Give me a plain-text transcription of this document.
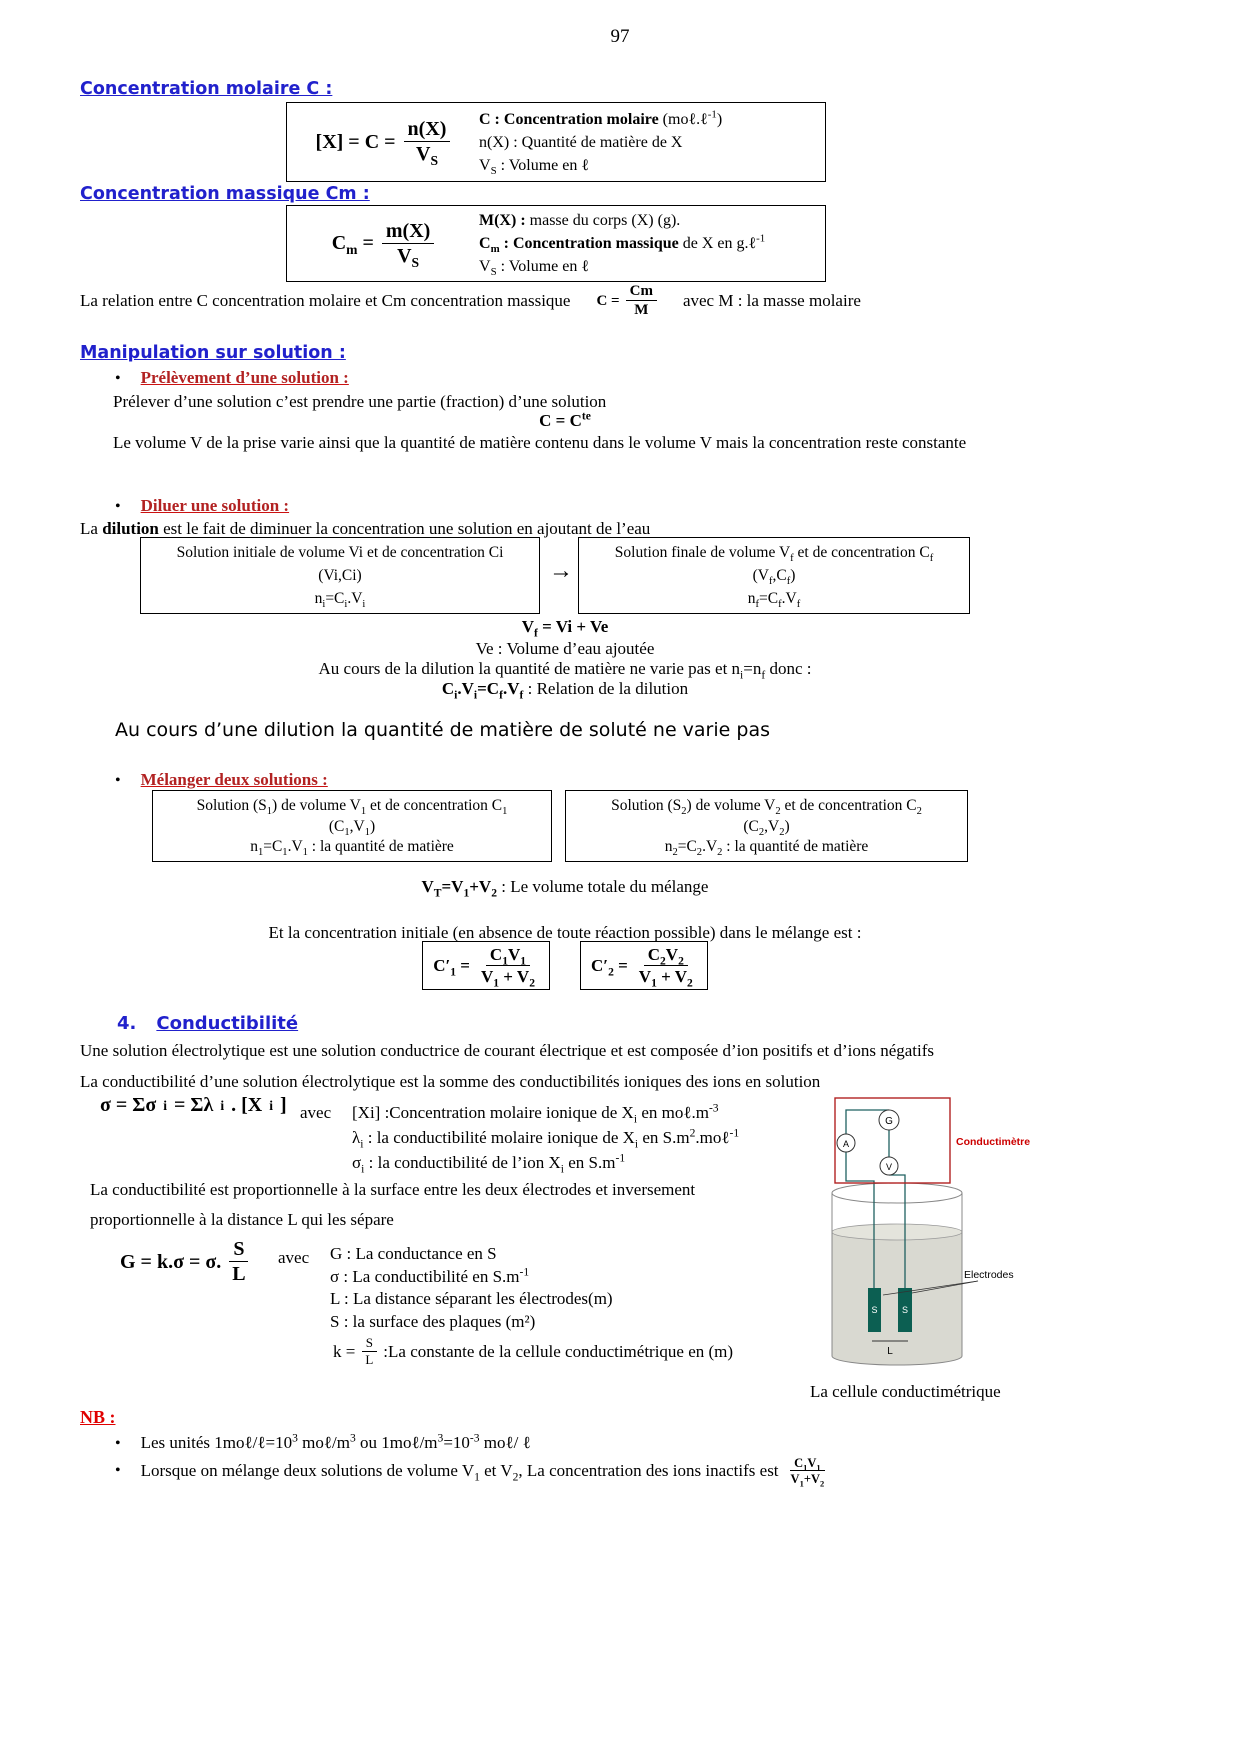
97
Concentration molaire C :
$[X] = C = \frac{n(X)}{V_S}$ C : Concentration molaire (moℓ.ℓ$^{-1}$)
n(X) : Quantité de matière de X
$V_S$ : Volume en ℓ
Concentration massique Cm :
$C_m = \frac{m(X)}{V_S}$	M(X) : masse du corps (X) (g).
$C_m$ : Concentration massique de X en g.ℓ$^{-1}$
$V_S$ : Volume en ℓ
La relation entre C concentration molaire et Cm concentration massique $C = \frac{Cm}{M}$ avec M : la masse molaire
Manipulation sur solution :
• Prélèvement d’une solution :
Prélever d’une solution c’est prendre une partie (fraction) d’une solution
$C = C^{te}$
Le volume V de la prise varie ainsi que la quantité de matière contenu dans le volume V mais la concentration reste constante
• Diluer une solution :
La dilution est le fait de diminuer la concentration une solution en ajoutant de l’eau
Solution initiale de volume Vi et de concentration Ci
(Vi,Ci)
$n_i=C_i.V_i$
→
Solution finale de volume $V_f$ et de concentration $C_f$
$(V_f,C_f)$
$n_f=C_f.V_f$
$V_f = Vi + Ve$
Ve : Volume d’eau ajoutée
Au cours de la dilution la quantité de matière ne varie pas et $n_i=n_f$ donc :
$C_i.V_i=C_f.V_f$ : Relation de la dilution
Au cours d’une dilution la quantité de matière de soluté ne varie pas
• Mélanger deux solutions :
Solution $(S_1)$ de volume $V_1$ et de concentration $C_1$
$(C_1,V_1)$
$n_1=C_1.V_1$ : la quantité de matière
Solution $(S_2)$ de volume $V_2$ et de concentration $C_2$
$(C_2,V_2)$
$n_2=C_2.V_2$ : la quantité de matière
$V_T=V_1+V_2$ : Le volume totale du mélange
Et la concentration initiale (en absence de toute réaction possible) dans le mélange est :
$C'_1 = \frac{C_1V_1}{V_1 + V_2}$	$C'_2 = \frac{C_2V_2}{V_1 + V_2}$
4. Conductibilité
Une solution électrolytique est une solution conductrice de courant électrique et est composée d’ion positifs et d’ions négatifs
La conductibilité d’une solution électrolytique est la somme des conductibilités ioniques des ions en solution
σ = Σσ i = Σλ i . [X i ] avec [Xi] :Concentration molaire ionique de $X_i$ en $mo\ell.m^{-3}$
$\lambda_i$ : la conductibilité molaire ionique de $X_i$ en $S.m^2.mo\ell^{-1}$
$\sigma_i$ : la conductibilité de l’ion $X_i$ en $S.m^{-1}$
La conductibilité est proportionnelle à la surface entre les deux électrodes et inversement
proportionnelle à la distance L qui les sépare
G = k.σ = σ. $\frac{S}{L}$ avec G : La conductance en S
σ : La conductibilité en $S.m^{-1}$
L : La distance séparant les électrodes(m)
S : la surface des plaques (m²)
$k = \frac{S}{L}$ :La constante de la cellule conductimétrique en (m)
S	S
G
A
V
Conductimètre
Electrodes
L
La cellule conductimétrique
NB :
• Les unités $1mo\ell/\ell=10^3$ moℓ/$m^3$ ou $1mo\ell/m^3=10^{-3}$ moℓ/ ℓ
• Lorsque on mélange deux solutions de volume $V_1$ et $V_2$, La concentration des ions inactifs est $\frac{C_1V_1}{V_1+V_2}$
